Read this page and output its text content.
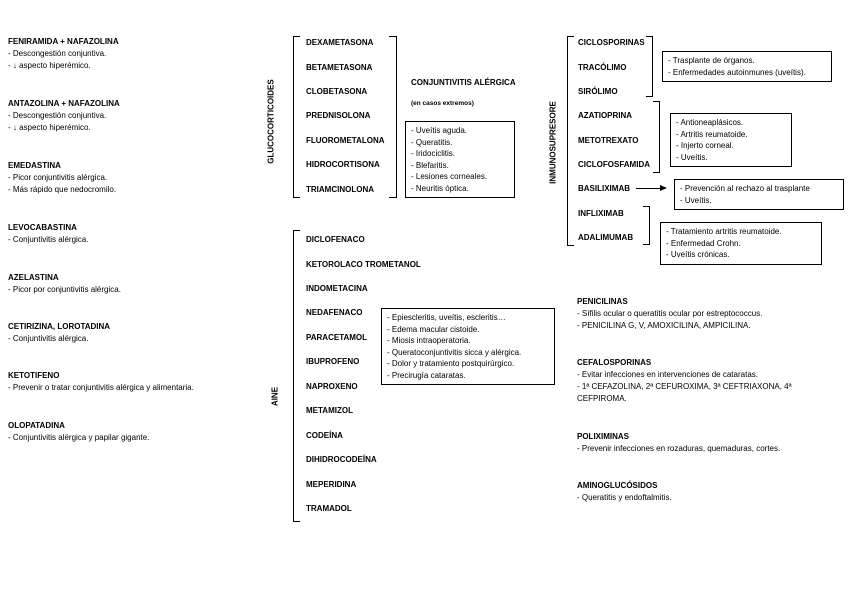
FENIRAMIDA + NAFAZOLINA
- Descongestión conjuntiva.
- ↓ aspecto hiperémico.
ANTAZOLINA + NAFAZOLINA
- Descongestión conjuntiva.
- ↓ aspecto hiperémico.
EMEDASTINA
- Picor conjuntivitis alérgica.
- Más rápido que nedocromilo.
LEVOCABASTINA
- Conjuntivitis alérgica.
AZELASTINA
- Picor por conjuntivitis alérgica.
CETIRIZINA, LOROTADINA
- Conjuntivitis alérgica.
KETOTIFENO
- Prevenir o tratar conjuntivitis alérgica y alimentaria.
OLOPATADINA
- Conjuntivitis alérgica y papilar gigante.
GLUCOCORTICOIDES
DEXAMETASONA
BETAMETASONA
CLOBETASONA
PREDNISOLONA
FLUOROMETALONA
HIDROCORTISONA
TRIAMCINOLONA
CONJUNTIVITIS ALÉRGICA
(en casos extremos)
- Uveítis aguda.
- Queratitis.
- Iridociclitis.
- Blefaritis.
- Lesiones corneales.
- Neuritis óptica.
AINE
DICLOFENACO
KETOROLACO TROMETANOL
INDOMETACINA
NEDAFENACO
PARACETAMOL
IBUPROFENO
NAPROXENO
METAMIZOL
CODEÍNA
DIHIDROCODEÍNA
MEPERIDINA
TRAMADOL
- Epiescleritis, uveítis, escleritis…
- Edema macular cistoide.
- Miosis intraoperatoria.
- Queratoconjuntivitis sicca y alérgica.
- Dolor y tratamiento postquirúrgico.
- Precirugía cataratas.
INMUNOSUPRESORE
CICLOSPORINAS
TRACÓLIMO
SIRÓLIMO
- Trasplante de órganos.
- Enfermedades autoinmunes (uveítis).
AZATIOPRINA
METOTREXATO
CICLOFOSFAMIDA
- Antioneaplásicos.
- Artritis reumatoide.
- Injerto corneal.
- Uveítis.
BASILIXIMAB	- Prevención al rechazo al trasplante
- Uveítis.
INFLIXIMAB
ADALIMUMAB
- Tratamiento artritis reumatoide.
- Enfermedad Crohn.
- Uveítis crónicas.
PENICILINAS
- Sífilis ocular o queratitis ocular por estreptococcus.
- PENICILINA G, V, AMOXICILINA, AMPICILINA.
CEFALOSPORINAS
- Evitar infecciones en intervenciones de cataratas.
- 1ª CEFAZOLINA, 2ª CEFUROXIMA, 3ª CEFTRIAXONA, 4ª
CEFPIROMA.
POLIXIMINAS
- Prevenir infecciones en rozaduras, quemaduras, cortes.
AMINOGLUCÓSIDOS
- Queratitis y endoftalmitis.
